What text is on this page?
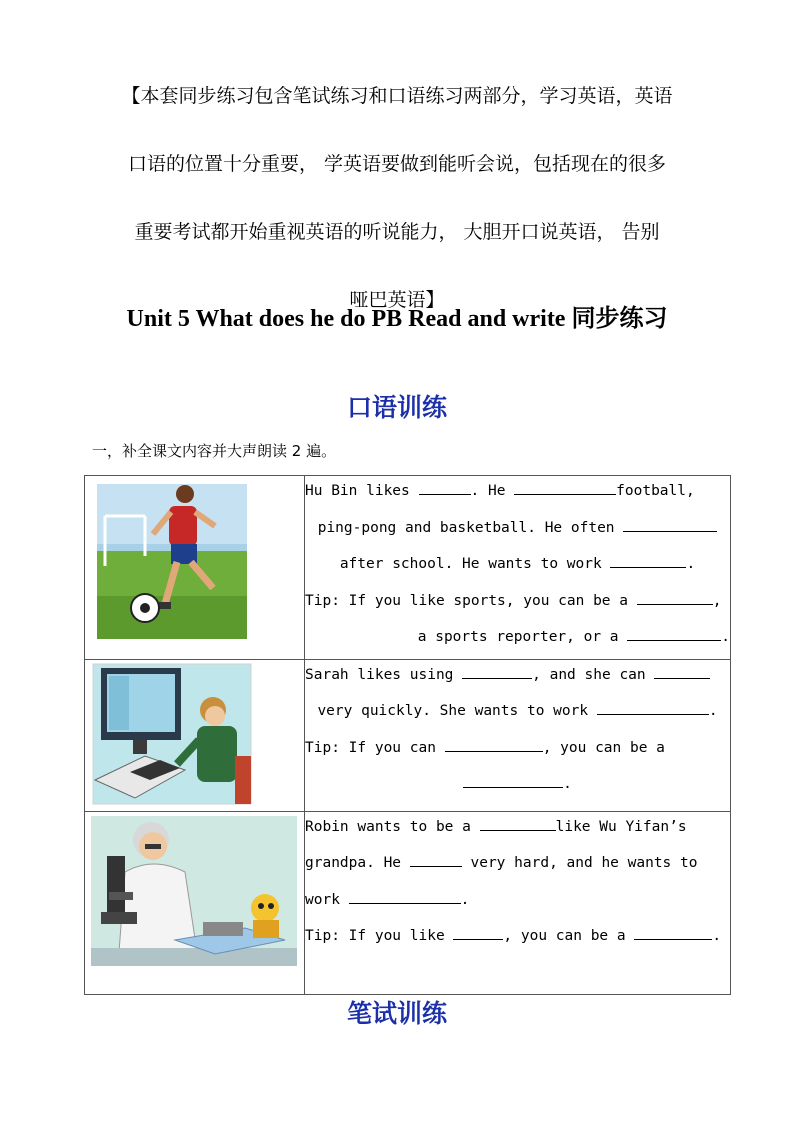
【本套同步练习包含笔试练习和口语练习两部分，学习英语，英语
口语的位置十分重要， 学英语要做到能听会说，包括现在的很多
重要考试都开始重视英语的听说能力， 大胆开口说英语， 告别
哑巴英语】
Unit 5 What does he do PB Read and write 同步练习
口语训练
一，补全课文内容并大声朗读 2 遍。

Hu Bin likes . He football,
ping-pong and basketball. He often
after school. He wants to work .
Tip: If you like sports, you can be a ,
a sports reporter, or a .

Sarah likes using , and she can
very quickly. She wants to work .
Tip: If you can , you can be a
.

Robin wants to be a like Wu Yifan’s
grandpa. He very hard, and he wants to
work .
Tip: If you like , you can be a .
笔试训练
